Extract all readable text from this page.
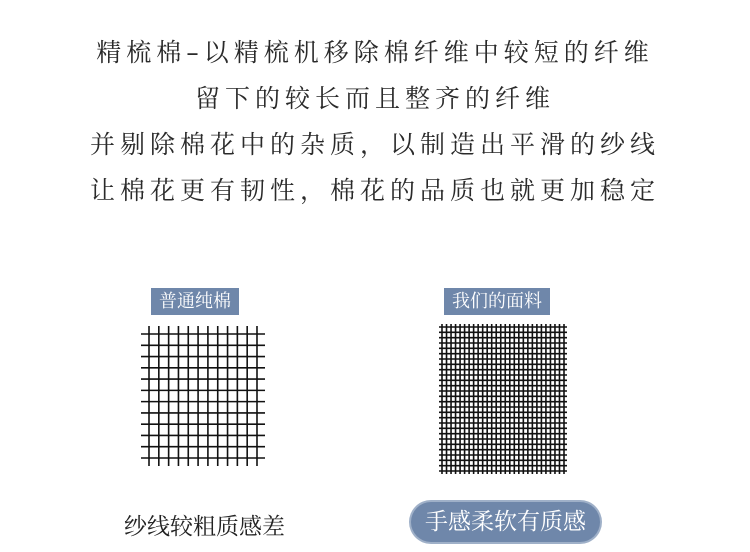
精梳棉–以精梳机移除棉纤维中较短的纤维
留下的较长而且整齐的纤维
并剔除棉花中的杂质，以制造出平滑的纱线
让棉花更有韧性，棉花的品质也就更加稳定
普通纯棉	我们的面料
纱线较粗质感差	手感柔软有质感
